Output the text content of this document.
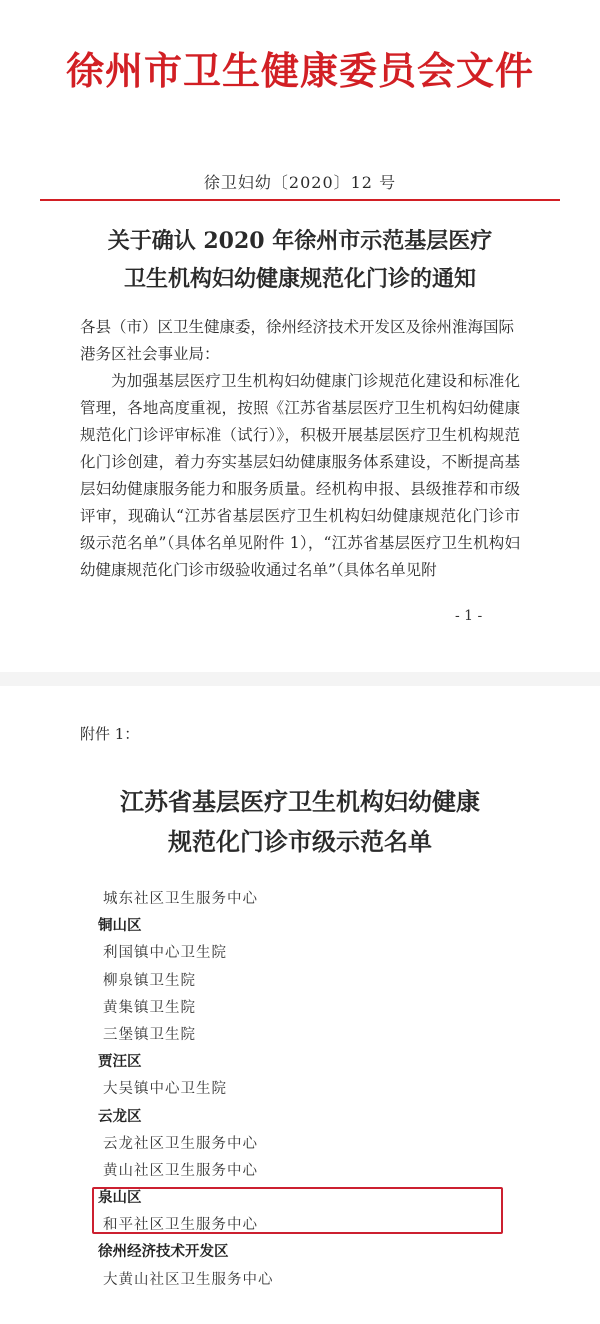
徐州市卫生健康委员会文件
徐卫妇幼〔2020〕12 号
关于确认 2020 年徐州市示范基层医疗
卫生机构妇幼健康规范化门诊的通知
各县（市）区卫生健康委，徐州经济技术开发区及徐州淮海国际港务区社会事业局：
为加强基层医疗卫生机构妇幼健康门诊规范化建设和标准化管理，各地高度重视，按照《江苏省基层医疗卫生机构妇幼健康规范化门诊评审标准（试行）》，积极开展基层医疗卫生机构规范化门诊创建，着力夯实基层妇幼健康服务体系建设，不断提高基层妇幼健康服务能力和服务质量。经机构申报、县级推荐和市级评审，现确认“江苏省基层医疗卫生机构妇幼健康规范化门诊市级示范名单”（具体名单见附件 1），“江苏省基层医疗卫生机构妇幼健康规范化门诊市级验收通过名单”（具体名单见附
- 1 -
附件 1：
江苏省基层医疗卫生机构妇幼健康
规范化门诊市级示范名单
城东社区卫生服务中心
铜山区
利国镇中心卫生院
柳泉镇卫生院
黄集镇卫生院
三堡镇卫生院
贾汪区
大吴镇中心卫生院
云龙区
云龙社区卫生服务中心
黄山社区卫生服务中心
泉山区
和平社区卫生服务中心
徐州经济技术开发区
大黄山社区卫生服务中心
